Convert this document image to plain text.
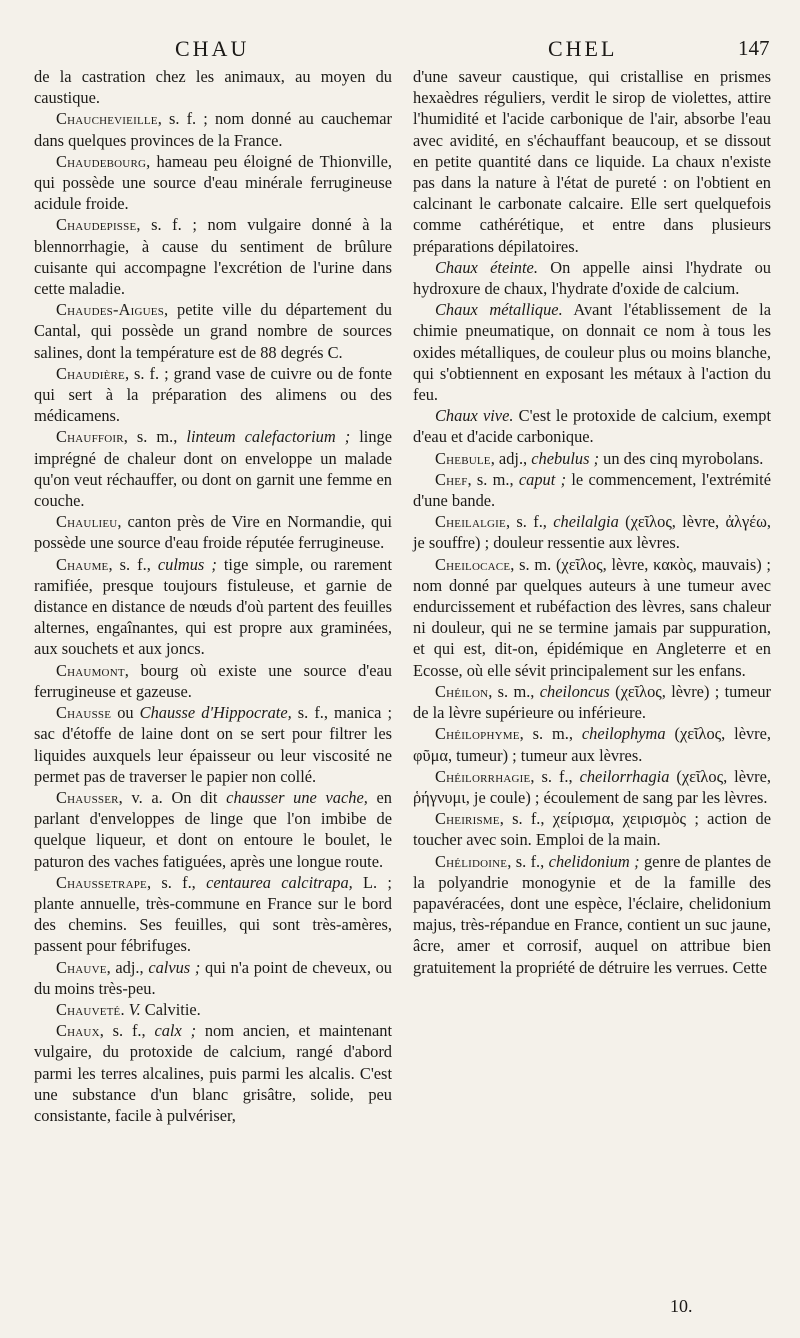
CHAU	CHEL	147

de la castration chez les animaux, au moyen du caustique.

Chauchevieille, s. f. ; nom donné au cauchemar dans quelques provinces de la France.

Chaudebourg, hameau peu éloigné de Thionville, qui possède une source d'eau minérale ferrugineuse acidule froide.

Chaudepisse, s. f. ; nom vulgaire donné à la blennorrhagie, à cause du sentiment de brûlure cuisante qui accompagne l'excrétion de l'urine dans cette maladie.

Chaudes-Aigues, petite ville du département du Cantal, qui possède un grand nombre de sources salines, dont la température est de 88 degrés C.

Chaudière, s. f. ; grand vase de cuivre ou de fonte qui sert à la préparation des alimens ou des médicamens.

Chauffoir, s. m., linteum calefactorium ; linge imprégné de chaleur dont on enveloppe un malade qu'on veut réchauffer, ou dont on garnit une femme en couche.

Chaulieu, canton près de Vire en Normandie, qui possède une source d'eau froide réputée ferrugineuse.

Chaume, s. f., culmus ; tige simple, ou rarement ramifiée, presque toujours fistuleuse, et garnie de distance en distance de nœuds d'où partent des feuilles alternes, engaînantes, qui est propre aux graminées, aux souchets et aux joncs.

Chaumont, bourg où existe une source d'eau ferrugineuse et gazeuse.

Chausse ou Chausse d'Hippocrate, s. f., manica ; sac d'étoffe de laine dont on se sert pour filtrer les liquides auxquels leur épaisseur ou leur viscosité ne permet pas de traverser le papier non collé.

Chausser, v. a. On dit chausser une vache, en parlant d'enveloppes de linge que l'on imbibe de quelque liqueur, et dont on entoure le boulet, le paturon des vaches fatiguées, après une longue route.

Chaussetrape, s. f., centaurea calcitrapa, L. ; plante annuelle, très-commune en France sur le bord des chemins. Ses feuilles, qui sont très-amères, passent pour fébrifuges.

Chauve, adj., calvus ; qui n'a point de cheveux, ou du moins très-peu.

Chauveté. V. Calvitie.

Chaux, s. f., calx ; nom ancien, et maintenant vulgaire, du protoxide de calcium, rangé d'abord parmi les terres alcalines, puis parmi les alcalis. C'est une substance d'un blanc grisâtre, solide, peu consistante, facile à pulvériser,

d'une saveur caustique, qui cristallise en prismes hexaèdres réguliers, verdit le sirop de violettes, attire l'humidité et l'acide carbonique de l'air, absorbe l'eau avec avidité, en s'échauffant beaucoup, et se dissout en petite quantité dans ce liquide. La chaux n'existe pas dans la nature à l'état de pureté : on l'obtient en calcinant le carbonate calcaire. Elle sert quelquefois comme cathérétique, et entre dans plusieurs préparations dépilatoires.

Chaux éteinte. On appelle ainsi l'hydrate ou hydroxure de chaux, l'hydrate d'oxide de calcium.

Chaux métallique. Avant l'établissement de la chimie pneumatique, on donnait ce nom à tous les oxides métalliques, de couleur plus ou moins blanche, qui s'obtiennent en exposant les métaux à l'action du feu.

Chaux vive. C'est le protoxide de calcium, exempt d'eau et d'acide carbonique.

Chebule, adj., chebulus ; un des cinq myrobolans.

Chef, s. m., caput ; le commencement, l'extrémité d'une bande.

Cheilalgie, s. f., cheilalgia (χεῖλος, lèvre, ἀλγέω, je souffre) ; douleur ressentie aux lèvres.

Cheilocace, s. m. (χεῖλος, lèvre, κακὸς, mauvais) ; nom donné par quelques auteurs à une tumeur avec endurcissement et rubéfaction des lèvres, sans chaleur ni douleur, qui ne se termine jamais par suppuration, et qui est, dit-on, épidémique en Angleterre et en Ecosse, où elle sévit principalement sur les enfans.

Chéilon, s. m., cheiloncus (χεῖλος, lèvre) ; tumeur de la lèvre supérieure ou inférieure.

Chéilophyme, s. m., cheilophyma (χεῖλος, lèvre, φῦμα, tumeur) ; tumeur aux lèvres.

Chéilorrhagie, s. f., cheilorrhagia (χεῖλος, lèvre, ῥήγνυμι, je coule) ; écoulement de sang par les lèvres.

Cheirisme, s. f., χείρισμα, χειρισμὸς ; action de toucher avec soin. Emploi de la main.

Chélidoine, s. f., chelidonium ; genre de plantes de la polyandrie monogynie et de la famille des papavéracées, dont une espèce, l'éclaire, chelidonium majus, très-répandue en France, contient un suc jaune, âcre, amer et corrosif, auquel on attribue bien gratuitement la propriété de détruire les verrues. Cette

10.
